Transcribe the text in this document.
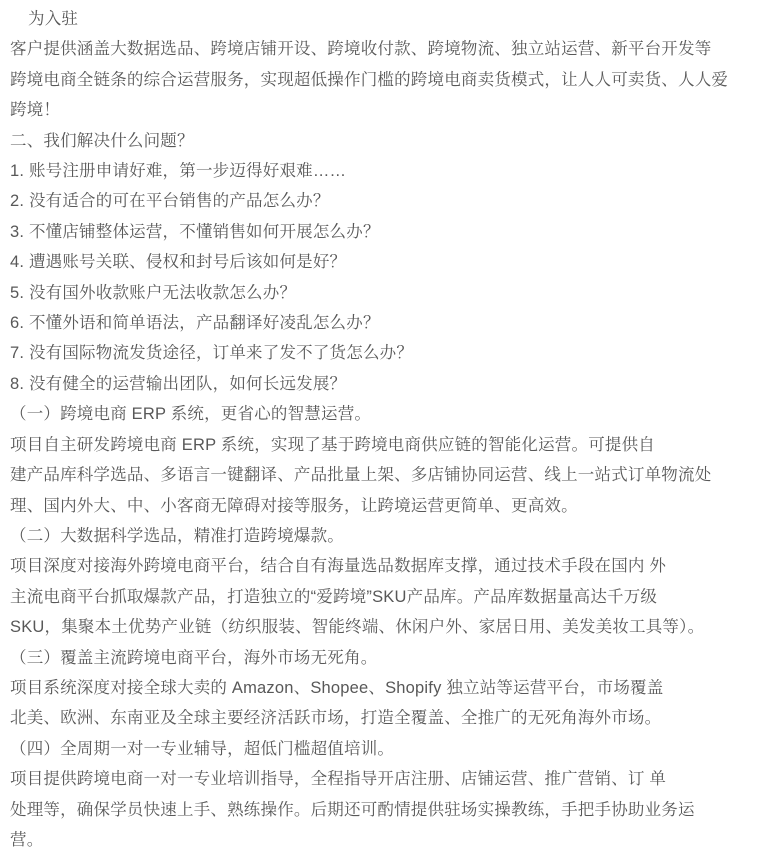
为入驻
客户提供涵盖大数据选品、跨境店铺开设、跨境收付款、跨境物流、独立站运营、新平台开发等
跨境电商全链条的综合运营服务，实现超低操作门槛的跨境电商卖货模式，让人人可卖货、人人爱
跨境！
二、我们解决什么问题？
1. 账号注册申请好难，第一步迈得好艰难……
2. 没有适合的可在平台销售的产品怎么办？
3. 不懂店铺整体运营，不懂销售如何开展怎么办？
4. 遭遇账号关联、侵权和封号后该如何是好？
5. 没有国外收款账户无法收款怎么办？
6. 不懂外语和简单语法，产品翻译好凌乱怎么办？
7. 没有国际物流发货途径，订单来了发不了货怎么办？
8. 没有健全的运营输出团队，如何长远发展？
（一）跨境电商 ERP 系统，更省心的智慧运营。
项目自主研发跨境电商 ERP 系统，实现了基于跨境电商供应链的智能化运营。可提供自
建产品库科学选品、多语言一键翻译、产品批量上架、多店铺协同运营、线上一站式订单物流处
理、国内外大、中、小客商无障碍对接等服务，让跨境运营更简单、更高效。
（二）大数据科学选品，精准打造跨境爆款。
项目深度对接海外跨境电商平台，结合自有海量选品数据库支撑，通过技术手段在国内 外
主流电商平台抓取爆款产品，打造独立的“爱跨境”SKU产品库。产品库数据量高达千万级
SKU，集聚本土优势产业链（纺织服装、智能终端、休闲户外、家居日用、美发美妆工具等）。
（三）覆盖主流跨境电商平台，海外市场无死角。
项目系统深度对接全球大卖的 Amazon、Shopee、Shopify 独立站等运营平台，市场覆盖
北美、欧洲、东南亚及全球主要经济活跃市场，打造全覆盖、全推广的无死角海外市场。
（四）全周期一对一专业辅导，超低门槛超值培训。
项目提供跨境电商一对一专业培训指导，全程指导开店注册、店铺运营、推广营销、订 单
处理等，确保学员快速上手、熟练操作。后期还可酌情提供驻场实操教练，手把手协助业务运
营。
